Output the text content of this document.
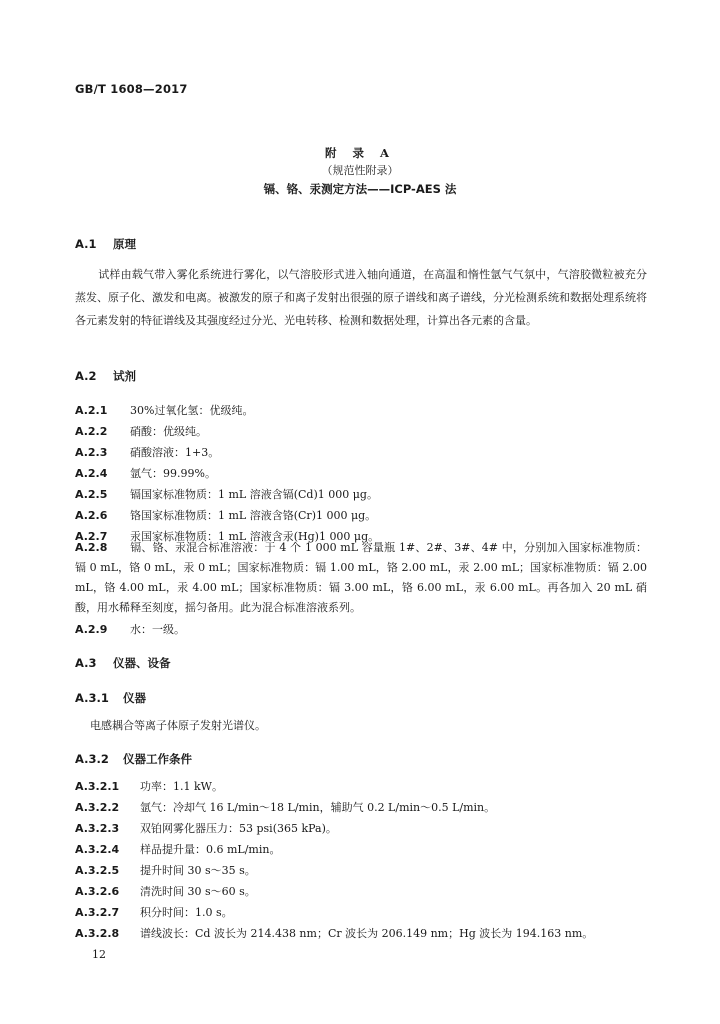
GB/T 1608—2017
附 录 A
（规范性附录）
镉、铬、汞测定方法——ICP-AES 法
A.1 原理
试样由载气带入雾化系统进行雾化，以气溶胶形式进入轴向通道，在高温和惰性氩气气氛中，气溶胶微粒被充分蒸发、原子化、激发和电离。被激发的原子和离子发射出很强的原子谱线和离子谱线，分光检测系统和数据处理系统将各元素发射的特征谱线及其强度经过分光、光电转移、检测和数据处理，计算出各元素的含量。
A.2 试剂
A.2.1 30%过氧化氢：优级纯。
A.2.2 硝酸：优级纯。
A.2.3 硝酸溶液：1+3。
A.2.4 氩气：99.99%。
A.2.5 镉国家标准物质：1 mL 溶液含镉(Cd)1 000 μg。
A.2.6 铬国家标准物质：1 mL 溶液含铬(Cr)1 000 μg。
A.2.7 汞国家标准物质：1 mL 溶液含汞(Hg)1 000 μg。
A.2.8 镉、铬、汞混合标准溶液：于 4 个 1 000 mL 容量瓶 1#、2#、3#、4# 中，分别加入国家标准物质：镉 0 mL，铬 0 mL，汞 0 mL；国家标准物质：镉 1.00 mL，铬 2.00 mL，汞 2.00 mL；国家标准物质：镉 2.00 mL，铬 4.00 mL，汞 4.00 mL；国家标准物质：镉 3.00 mL，铬 6.00 mL，汞 6.00 mL。再各加入 20 mL 硝酸，用水稀释至刻度，摇匀备用。此为混合标准溶液系列。
A.2.9 水：一级。
A.3 仪器、设备
A.3.1 仪器
电感耦合等离子体原子发射光谱仪。
A.3.2 仪器工作条件
A.3.2.1 功率：1.1 kW。
A.3.2.2 氩气：冷却气 16 L/min～18 L/min，辅助气 0.2 L/min～0.5 L/min。
A.3.2.3 双铂网雾化器压力：53 psi(365 kPa)。
A.3.2.4 样品提升量：0.6 mL/min。
A.3.2.5 提升时间 30 s～35 s。
A.3.2.6 清洗时间 30 s～60 s。
A.3.2.7 积分时间：1.0 s。
A.3.2.8 谱线波长：Cd 波长为 214.438 nm；Cr 波长为 206.149 nm；Hg 波长为 194.163 nm。
12
